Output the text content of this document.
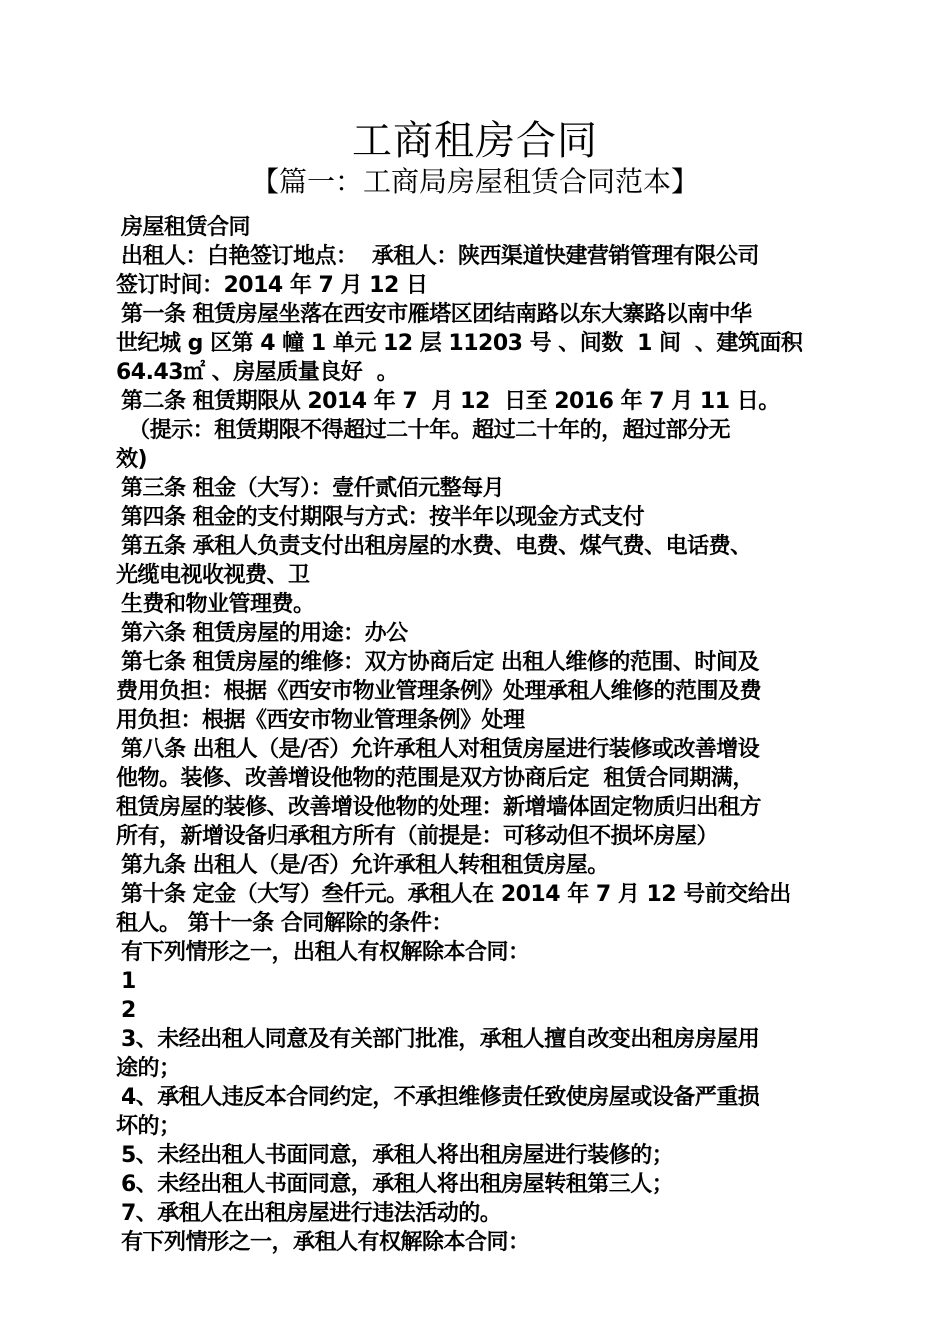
工商租房合同
【篇一：工商局房屋租赁合同范本】
房屋租赁合同
出租人：白艳签订地点：  承租人：陕西渠道快建营销管理有限公司
签订时间：2014 年 7 月 12 日
第一条 租赁房屋坐落在西安市雁塔区团结南路以东大寨路以南中华
世纪城 g 区第 4 幢 1 单元 12 层 11203 号 、间数  1 间  、建筑面积
64.43㎡ 、房屋质量良好  。
第二条 租赁期限从 2014 年 7  月 12  日至 2016 年 7 月 11 日。
（提示：租赁期限不得超过二十年。超过二十年的，超过部分无
效)
第三条 租金（大写）：壹仟贰佰元整每月
第四条 租金的支付期限与方式：按半年以现金方式支付
第五条 承租人负责支付出租房屋的水费、电费、煤气费、电话费、
光缆电视收视费、卫
生费和物业管理费。
第六条 租赁房屋的用途：办公
第七条 租赁房屋的维修：双方协商后定 出租人维修的范围、时间及
费用负担：根据《西安市物业管理条例》处理承租人维修的范围及费
用负担：根据《西安市物业管理条例》处理
第八条 出租人（是/否）允许承租人对租赁房屋进行装修或改善增设
他物。装修、改善增设他物的范围是双方协商后定  租赁合同期满，
租赁房屋的装修、改善增设他物的处理：新增墙体固定物质归出租方
所有，新增设备归承租方所有（前提是：可移动但不损坏房屋）
第九条 出租人（是/否）允许承租人转租租赁房屋。
第十条 定金（大写）叁仟元。承租人在 2014 年 7 月 12 号前交给出
租人。 第十一条 合同解除的条件：
有下列情形之一，出租人有权解除本合同：
1
2
3、未经出租人同意及有关部门批准，承租人擅自改变出租房房屋用
途的；
4、承租人违反本合同约定，不承担维修责任致使房屋或设备严重损
坏的；
5、未经出租人书面同意，承租人将出租房屋进行装修的；
6、未经出租人书面同意，承租人将出租房屋转租第三人；
7、承租人在出租房屋进行违法活动的。
有下列情形之一，承租人有权解除本合同：
